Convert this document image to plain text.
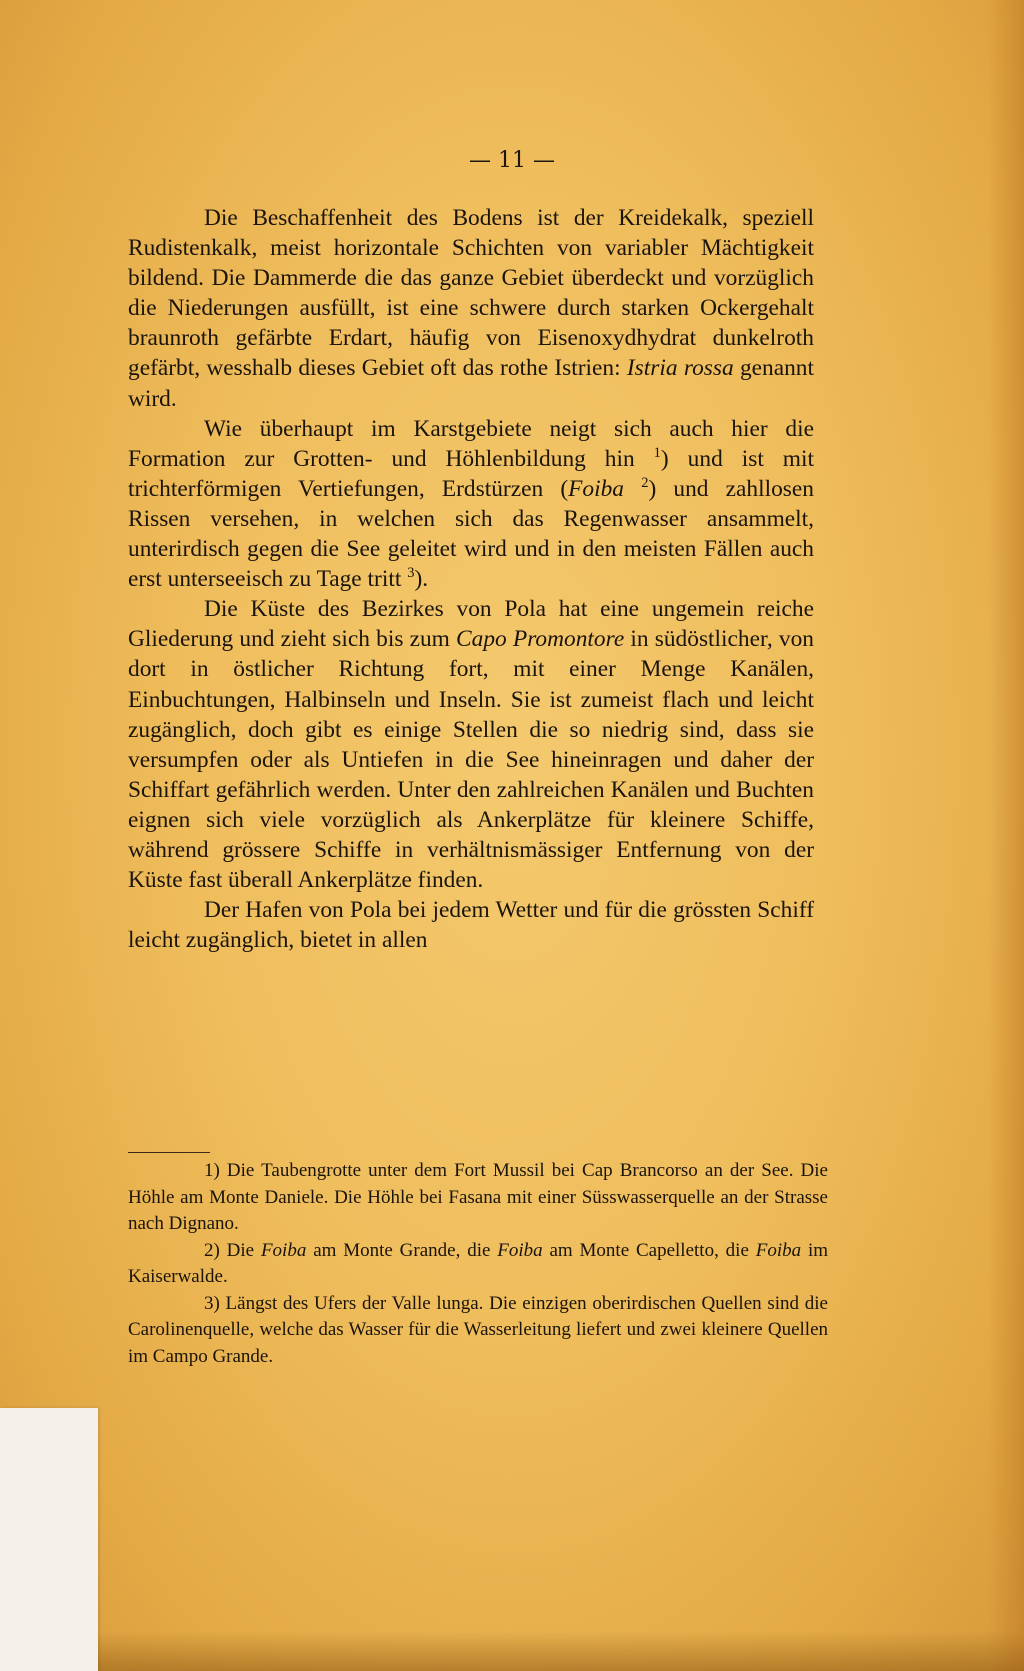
— 11 —

Die Beschaffenheit des Bodens ist der Kreidekalk, speziell Rudistenkalk, meist horizontale Schichten von variabler Mächtigkeit bildend. Die Dammerde die das ganze Gebiet überdeckt und vorzüglich die Niederungen ausfüllt, ist eine schwere durch starken Ockergehalt braunroth gefärbte Erdart, häufig von Eisenoxydhydrat dunkelroth gefärbt, wesshalb dieses Gebiet oft das rothe Istrien: Istria rossa genannt wird.

Wie überhaupt im Karstgebiete neigt sich auch hier die Formation zur Grotten- und Höhlenbildung hin $^1$) und ist mit trichterförmigen Vertiefungen, Erdstürzen (Foiba $^2$) und zahllosen Rissen versehen, in welchen sich das Regenwasser ansammelt, unterirdisch gegen die See geleitet wird und in den meisten Fällen auch erst unterseeisch zu Tage tritt $^3$).

Die Küste des Bezirkes von Pola hat eine ungemein reiche Gliederung und zieht sich bis zum Capo Promontore in südöstlicher, von dort in östlicher Richtung fort, mit einer Menge Kanälen, Einbuchtungen, Halbinseln und Inseln. Sie ist zumeist flach und leicht zugänglich, doch gibt es einige Stellen die so niedrig sind, dass sie versumpfen oder als Untiefen in die See hineinragen und daher der Schiffart gefährlich werden. Unter den zahlreichen Kanälen und Buchten eignen sich viele vorzüglich als Ankerplätze für kleinere Schiffe, während grössere Schiffe in verhältnismässiger Entfernung von der Küste fast überall Ankerplätze finden.

Der Hafen von Pola bei jedem Wetter und für die grössten Schiff leicht zugänglich, bietet in allen

1) Die Taubengrotte unter dem Fort Mussil bei Cap Brancorso an der See. Die Höhle am Monte Daniele. Die Höhle bei Fasana mit einer Süsswasserquelle an der Strasse nach Dignano.

2) Die Foiba am Monte Grande, die Foiba am Monte Capelletto, die Foiba im Kaiserwalde.

3) Längst des Ufers der Valle lunga. Die einzigen oberirdischen Quellen sind die Carolinenquelle, welche das Wasser für die Wasserleitung liefert und zwei kleinere Quellen im Campo Grande.
